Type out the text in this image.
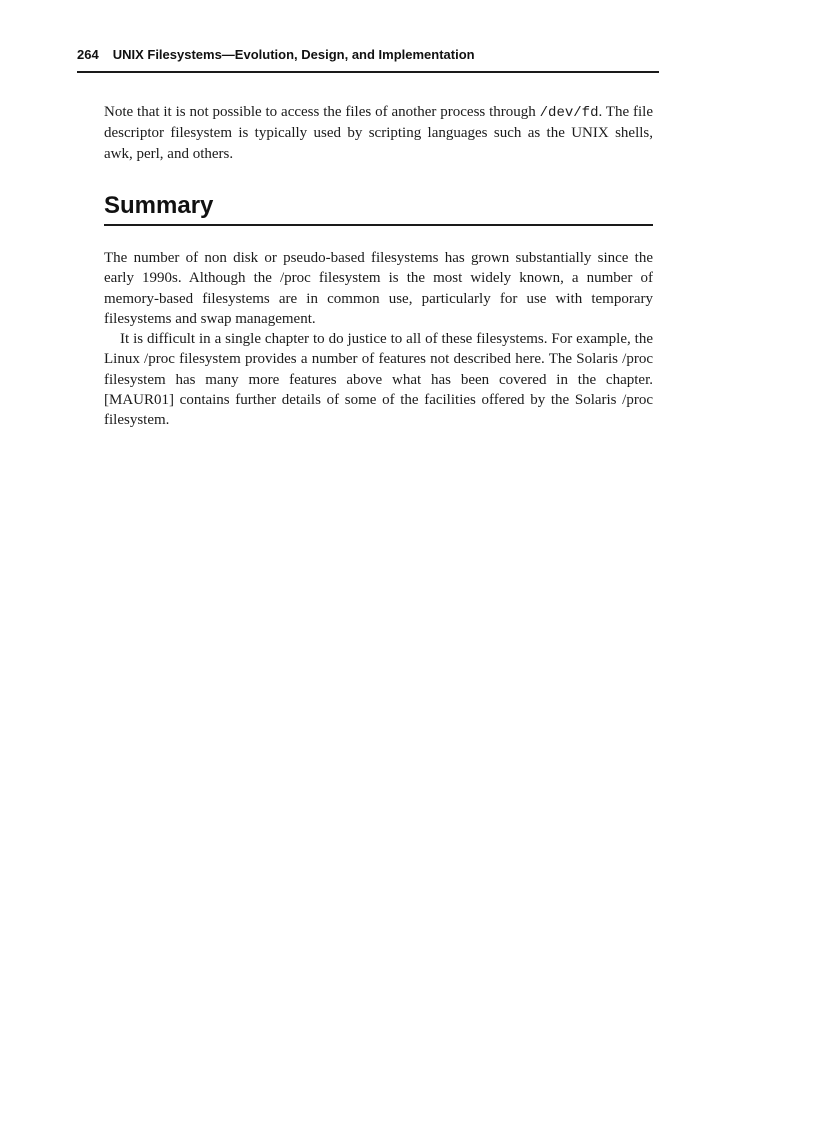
264 UNIX Filesystems—Evolution, Design, and Implementation

Note that it is not possible to access the files of another process through /dev/fd. The file descriptor filesystem is typically used by scripting languages such as the UNIX shells, awk, perl, and others.

Summary

The number of non disk or pseudo-based filesystems has grown substantially since the early 1990s. Although the /proc filesystem is the most widely known, a number of memory-based filesystems are in common use, particularly for use with temporary filesystems and swap management.

It is difficult in a single chapter to do justice to all of these filesystems. For example, the Linux /proc filesystem provides a number of features not described here. The Solaris /proc filesystem has many more features above what has been covered in the chapter. [MAUR01] contains further details of some of the facilities offered by the Solaris /proc filesystem.
